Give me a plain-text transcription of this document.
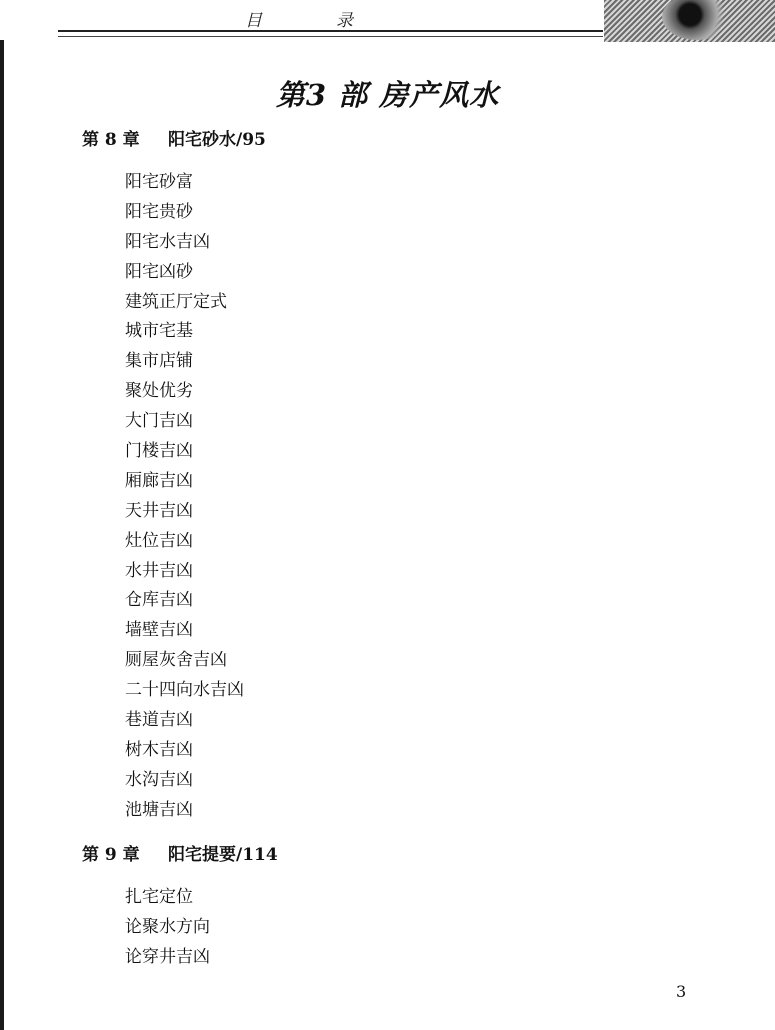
目	录
第3 部 房产风水
第 8 章 阳宅砂水/95
阳宅砂富
阳宅贵砂
阳宅水吉凶
阳宅凶砂
建筑正厅定式
城市宅基
集市店铺
聚处优劣
大门吉凶
门楼吉凶
厢廊吉凶
天井吉凶
灶位吉凶
水井吉凶
仓库吉凶
墙壁吉凶
厕屋灰舍吉凶
二十四向水吉凶
巷道吉凶
树木吉凶
水沟吉凶
池塘吉凶
第 9 章 阳宅提要/114
扎宅定位
论聚水方向
论穿井吉凶
3
